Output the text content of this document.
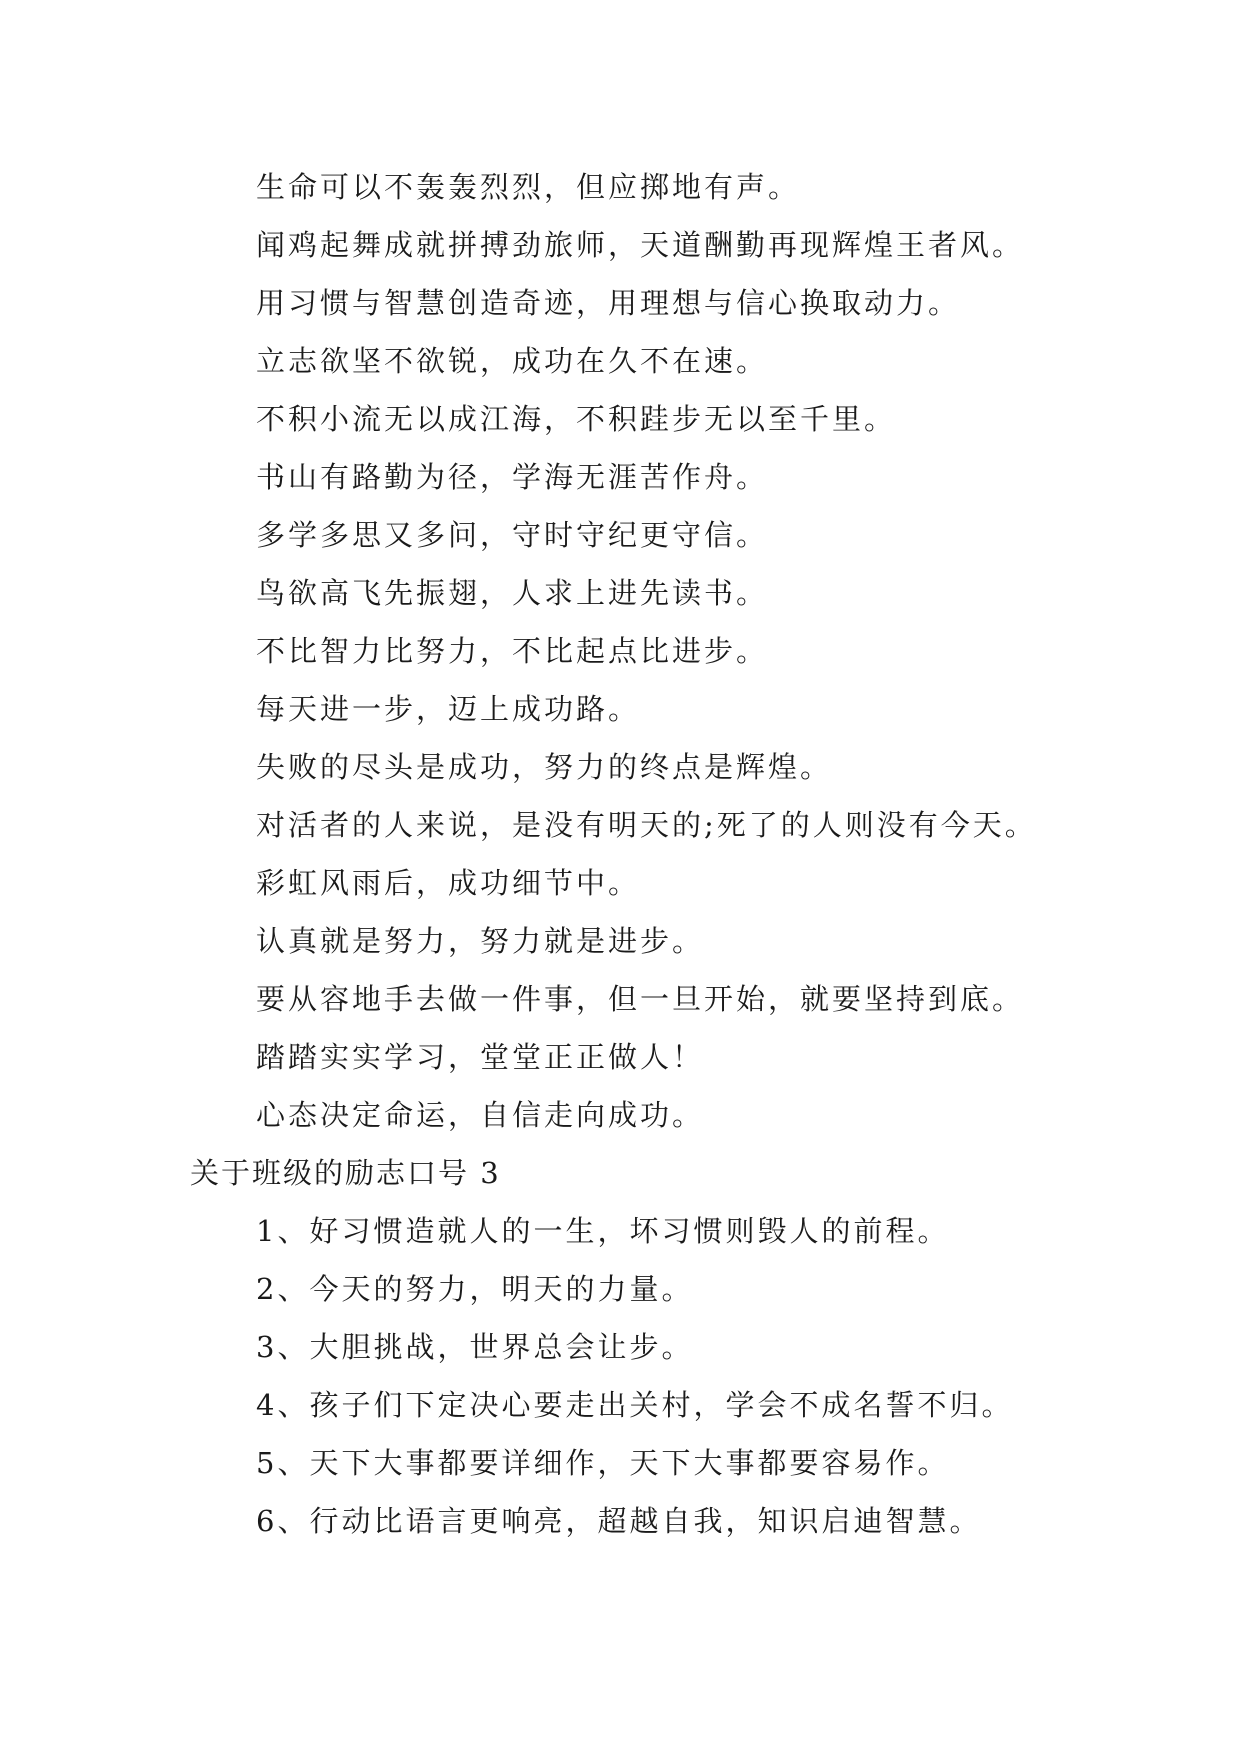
生命可以不轰轰烈烈，但应掷地有声。
闻鸡起舞成就拼搏劲旅师，天道酬勤再现辉煌王者风。
用习惯与智慧创造奇迹，用理想与信心换取动力。
立志欲坚不欲锐，成功在久不在速。
不积小流无以成江海，不积跬步无以至千里。
书山有路勤为径，学海无涯苦作舟。
多学多思又多问，守时守纪更守信。
鸟欲高飞先振翅，人求上进先读书。
不比智力比努力，不比起点比进步。
每天进一步，迈上成功路。
失败的尽头是成功，努力的终点是辉煌。
对活者的人来说，是没有明天的;死了的人则没有今天。
彩虹风雨后，成功细节中。
认真就是努力，努力就是进步。
要从容地手去做一件事，但一旦开始，就要坚持到底。
踏踏实实学习，堂堂正正做人！
心态决定命运，自信走向成功。
关于班级的励志口号 3
1、好习惯造就人的一生，坏习惯则毁人的前程。
2、今天的努力，明天的力量。
3、大胆挑战，世界总会让步。
4、孩子们下定决心要走出关村，学会不成名誓不归。
5、天下大事都要详细作，天下大事都要容易作。
6、行动比语言更响亮，超越自我，知识启迪智慧。
